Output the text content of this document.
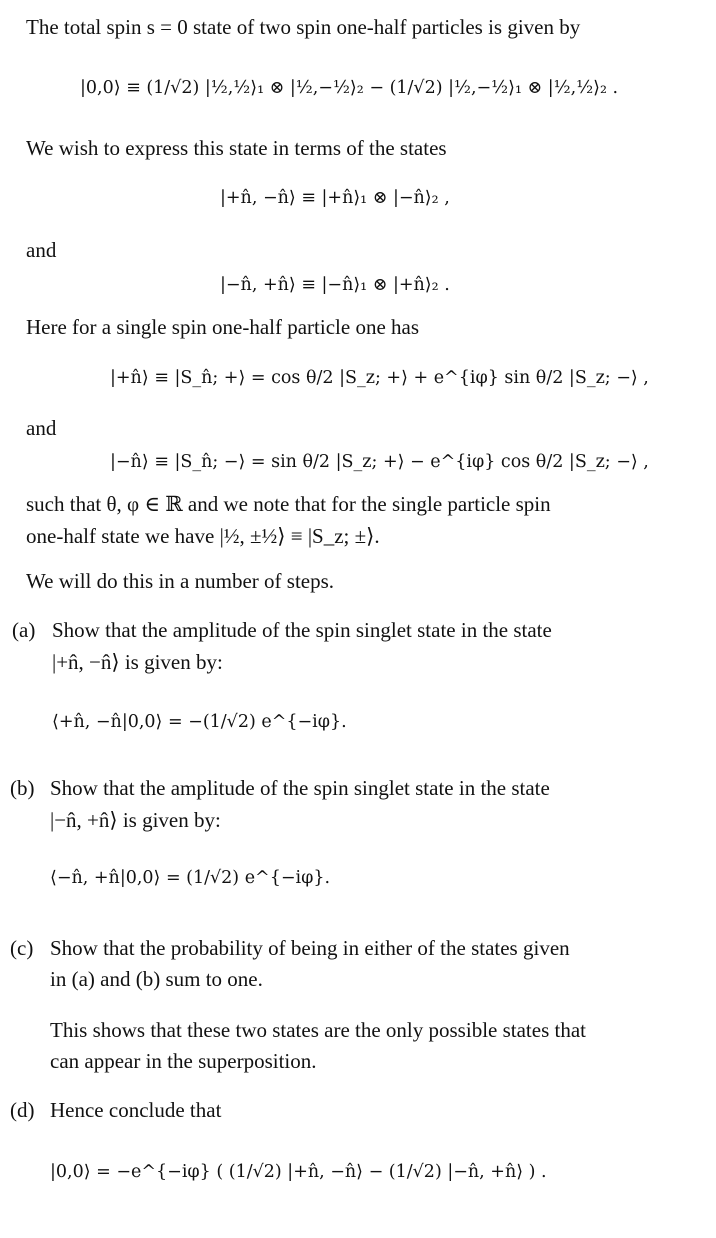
The total spin s = 0 state of two spin one-half particles is given by
|0,0⟩ ≡ (1/√2) |½,½⟩₁ ⊗ |½,−½⟩₂ − (1/√2) |½,−½⟩₁ ⊗ |½,½⟩₂ .
We wish to express this state in terms of the states
|+n̂, −n̂⟩ ≡ |+n̂⟩₁ ⊗ |−n̂⟩₂ ,
and
|−n̂, +n̂⟩ ≡ |−n̂⟩₁ ⊗ |+n̂⟩₂ .
Here for a single spin one-half particle one has
|+n̂⟩ ≡ |S_n̂; +⟩ = cos θ/2 |S_z; +⟩ + e^{iφ} sin θ/2 |S_z; −⟩ ,
and
|−n̂⟩ ≡ |S_n̂; −⟩ = sin θ/2 |S_z; +⟩ − e^{iφ} cos θ/2 |S_z; −⟩ ,
such that θ, φ ∈ ℝ and we note that for the single particle spin
one-half state we have |½, ±½⟩ ≡ |S_z; ±⟩.
We will do this in a number of steps.
(a) Show that the amplitude of the spin singlet state in the state
|+n̂, −n̂⟩ is given by:
⟨+n̂, −n̂|0,0⟩ = −(1/√2) e^{−iφ}.
(b) Show that the amplitude of the spin singlet state in the state
|−n̂, +n̂⟩ is given by:
⟨−n̂, +n̂|0,0⟩ = (1/√2) e^{−iφ}.
(c) Show that the probability of being in either of the states given
in (a) and (b) sum to one.
This shows that these two states are the only possible states that
can appear in the superposition.
(d) Hence conclude that
|0,0⟩ = −e^{−iφ} ( (1/√2) |+n̂, −n̂⟩ − (1/√2) |−n̂, +n̂⟩ ) .
